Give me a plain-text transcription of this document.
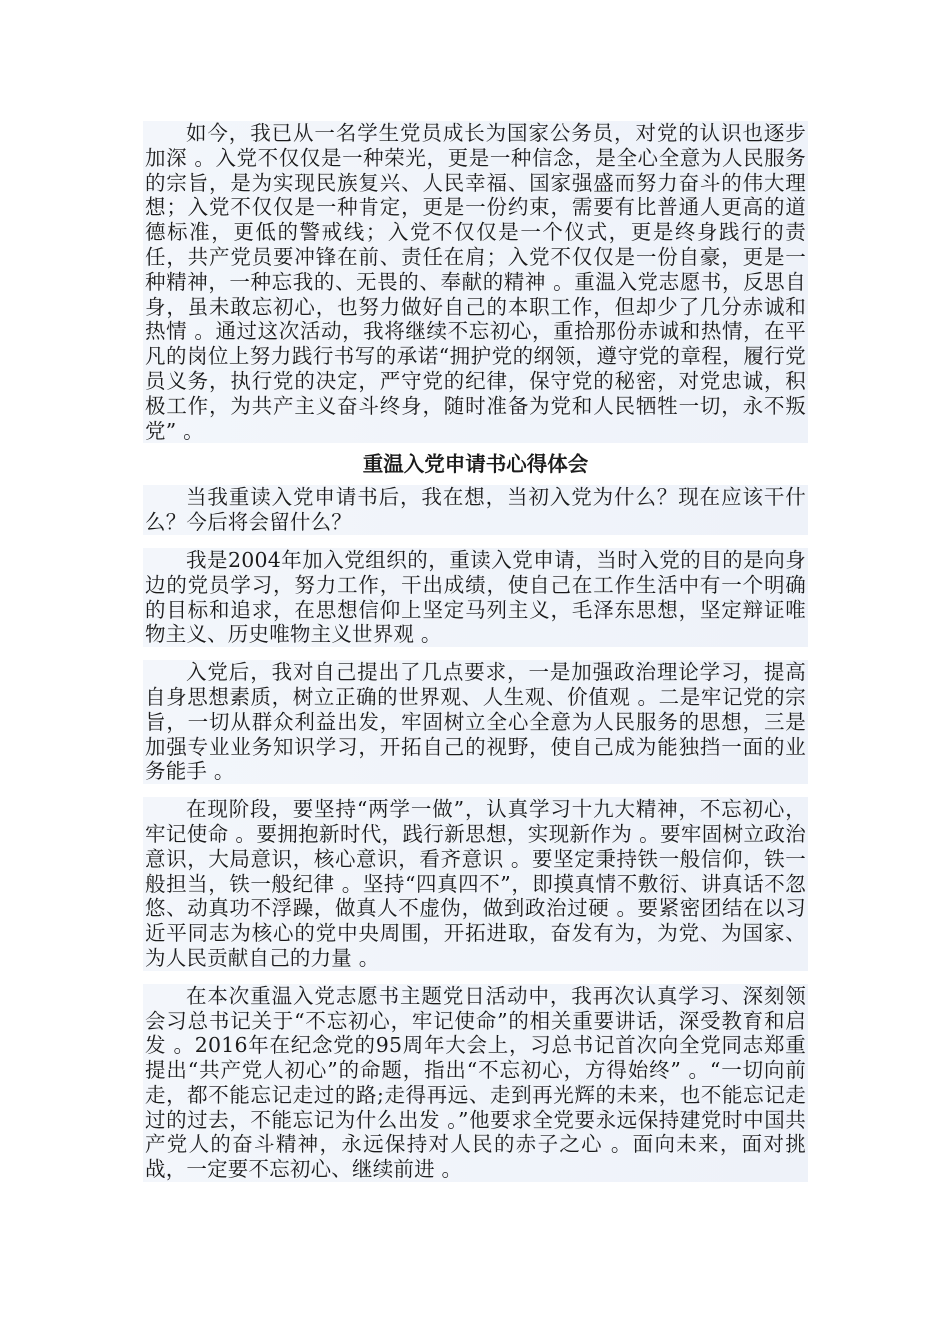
如今，我已从一名学生党员成长为国家公务员，对党的认识也逐步加深 。入党不仅仅是一种荣光，更是一种信念，是全心全意为人民服务的宗旨，是为实现民族复兴、人民幸福、国家强盛而努力奋斗的伟大理想；入党不仅仅是一种肯定，更是一份约束，需要有比普通人更高的道德标准，更低的警戒线；入党不仅仅是一个仪式，更是终身践行的责任，共产党员要冲锋在前、责任在肩；入党不仅仅是一份自豪，更是一种精神，一种忘我的、无畏的、奉献的精神 。重温入党志愿书，反思自身，虽未敢忘初心，也努力做好自己的本职工作，但却少了几分赤诚和热情 。通过这次活动，我将继续不忘初心，重拾那份赤诚和热情，在平凡的岗位上努力践行书写的承诺“拥护党的纲领，遵守党的章程，履行党员义务，执行党的决定，严守党的纪律，保守党的秘密，对党忠诚，积极工作，为共产主义奋斗终身，随时准备为党和人民牺牲一切，永不叛党” 。

重温入党申请书心得体会

当我重读入党申请书后，我在想，当初入党为什么？现在应该干什么？今后将会留什么？

我是2004年加入党组织的，重读入党申请，当时入党的目的是向身边的党员学习，努力工作，干出成绩，使自己在工作生活中有一个明确的目标和追求，在思想信仰上坚定马列主义，毛泽东思想，坚定辩证唯物主义、历史唯物主义世界观 。

入党后，我对自己提出了几点要求，一是加强政治理论学习，提高自身思想素质，树立正确的世界观、人生观、价值观 。二是牢记党的宗旨，一切从群众利益出发，牢固树立全心全意为人民服务的思想，三是加强专业业务知识学习，开拓自己的视野，使自己成为能独挡一面的业务能手 。

在现阶段，要坚持“两学一做”，认真学习十九大精神，不忘初心，牢记使命 。要拥抱新时代，践行新思想，实现新作为 。要牢固树立政治意识，大局意识，核心意识，看齐意识 。要坚定秉持铁一般信仰，铁一般担当，铁一般纪律 。坚持“四真四不”，即摸真情不敷衍、讲真话不忽悠、动真功不浮躁，做真人不虚伪，做到政治过硬 。要紧密团结在以习近平同志为核心的党中央周围，开拓进取，奋发有为，为党、为国家、为人民贡献自己的力量 。

在本次重温入党志愿书主题党日活动中，我再次认真学习、深刻领会习总书记关于“不忘初心，牢记使命”的相关重要讲话，深受教育和启发 。2016年在纪念党的95周年大会上，习总书记首次向全党同志郑重提出“共产党人初心”的命题，指出“不忘初心，方得始终” 。“一切向前走，都不能忘记走过的路;走得再远、走到再光辉的未来，也不能忘记走过的过去，不能忘记为什么出发 。”他要求全党要永远保持建党时中国共产党人的奋斗精神，永远保持对人民的赤子之心 。面向未来，面对挑战，一定要不忘初心、继续前进 。
